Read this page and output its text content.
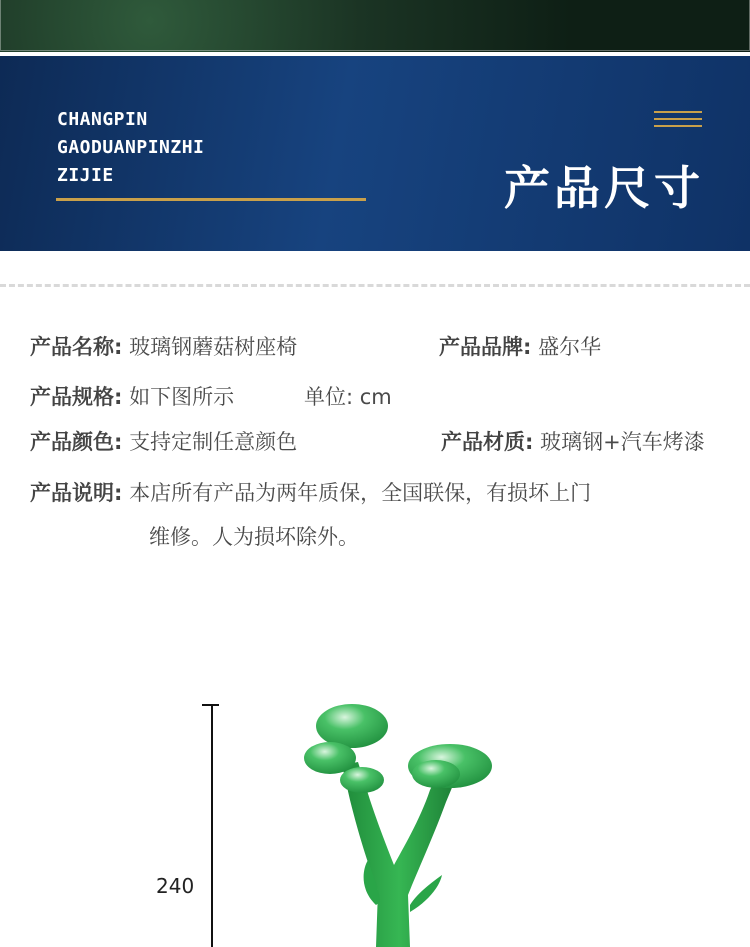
CHANGPIN
GAODUANPINZHI
ZIJIE	产品尺寸
产品名称: 玻璃钢蘑菇树座椅	产品品牌: 盛尔华
产品规格: 如下图所示	单位: cm
产品颜色: 支持定制任意颜色	产品材质: 玻璃钢+汽车烤漆
产品说明: 本店所有产品为两年质保，全国联保，有损坏上门
维修。人为损坏除外。
240
